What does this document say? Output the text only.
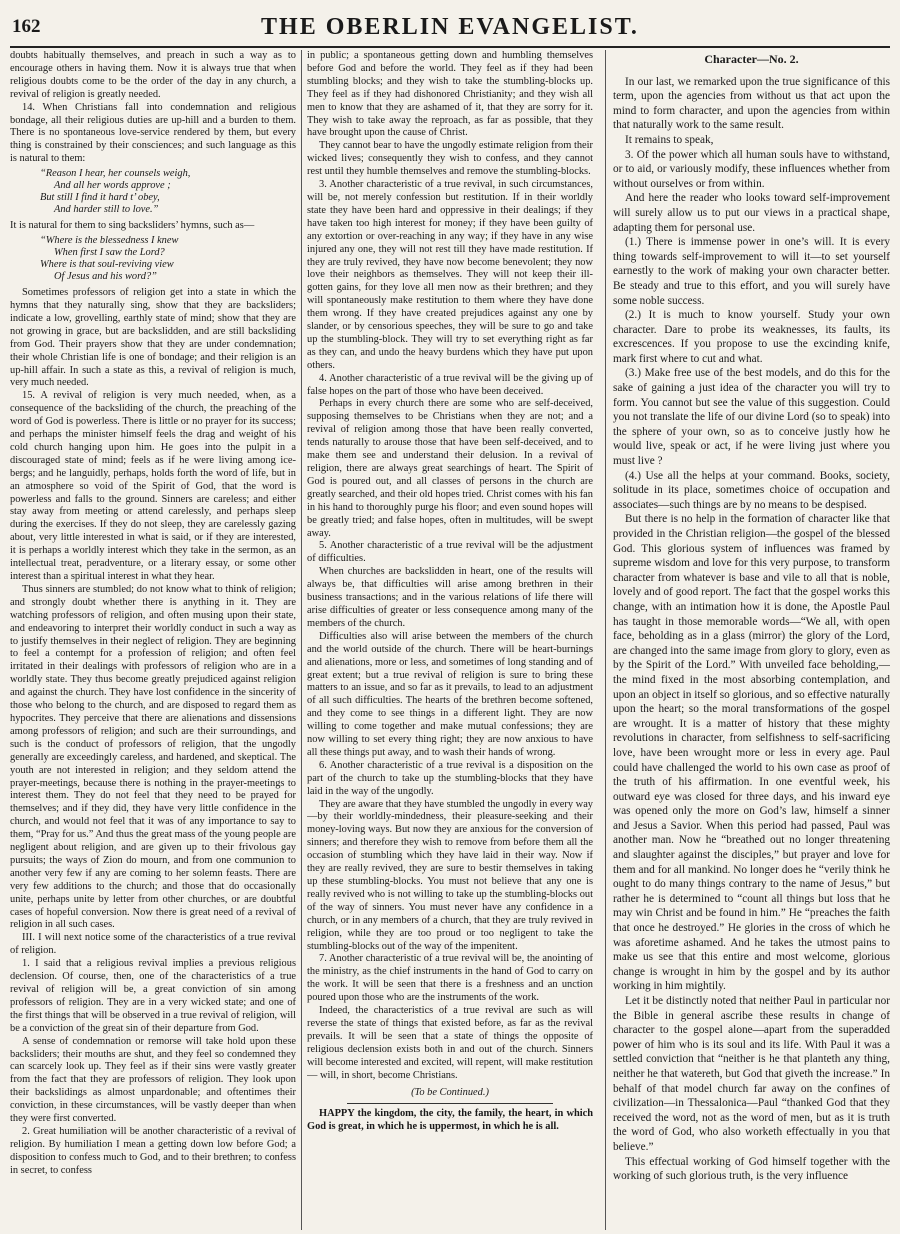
162	THE OBERLIN EVANGELIST.

doubts habitually themselves, and preach in such a way as to encourage others in having them. Now it is always true that when religious doubts come to be the order of the day in any church, a revival of religion is greatly needed.

14. When Christians fall into condemnation and religious bondage, all their religious duties are up-hill and a burden to them. There is no spontaneous love-service rendered by them, but every thing is constrained by their consciences; and such language as this is natural to them:

“Reason I hear, her counsels weigh,
And all her words approve ;
But still I find it hard t’ obey,
And harder still to love.”

It is natural for them to sing backsliders’ hymns, such as—

“Where is the blessedness I knew
When first I saw the Lord?
Where is that soul-reviving view
Of Jesus and his word?”

Sometimes professors of religion get into a state in which the hymns that they naturally sing, show that they are backsliders; indicate a low, grovelling, earthly state of mind; show that they are not growing in grace, but are backslidden, and are still backsliding from God. Their prayers show that they are under condemnation; their whole Christian life is one of bondage; and their religion is an up-hill affair. In such a state as this, a revival of religion is much, very much needed.

15. A revival of religion is very much needed, when, as a consequence of the backsliding of the church, the preaching of the word of God is powerless. There is little or no prayer for its success; and perhaps the minister himself feels the drag and weight of his cold church hanging upon him. He goes into the pulpit in a discouraged state of mind; feels as if he were living among ice-bergs; and he languidly, perhaps, holds forth the word of life, but in an atmosphere so void of the Spirit of God, that the word is powerless and falls to the ground. Sinners are careless; and either stay away from meeting or attend carelessly, and perhaps sleep during the exercises. If they do not sleep, they are carelessly gazing about, very little interested in what is said, or if they are interested, it is perhaps a worldly interest which they take in the sermon, as an intellectual treat, peradventure, or a literary essay, or some other interest than a spiritual interest in what they hear.

Thus sinners are stumbled; do not know what to think of religion; and strongly doubt whether there is anything in it. They are watching professors of religion, and often musing upon their state, and endeavoring to interpret their worldly conduct in such a way as to justify themselves in their neglect of religion. They are beginning to feel a contempt for a profession of religion; and often feel irritated in their dealings with professors of religion who are in a worldly state. They thus become greatly prejudiced against religion and against the church. They have lost confidence in the sincerity of those who belong to the church, and are disposed to regard them as hypocrites. They perceive that there are alienations and dissensions among professors of religion; and such are their surroundings, and such is the conduct of professors of religion, that the ungodly generally are exceedingly careless, and hardened, and skeptical. The youth are not interested in religion; and they seldom attend the prayer-meetings, because there is nothing in the prayer-meetings to interest them. They do not feel that they need to be prayed for themselves; and if they did, they have very little confidence in the church, and would not feel that it was of any importance to say to them, “Pray for us.” And thus the great mass of the young people are negligent about religion, and are given up to their frivolous gay pursuits; the ways of Zion do mourn, and from one communion to another very few if any are coming to her solemn feasts. There are very few additions to the church; and those that do occasionally unite, perhaps unite by letter from other churches, or are doubtful cases of hopeful conversion. Now there is great need of a revival of religion in all such cases.

III. I will next notice some of the characteristics of a true revival of religion.

1. I said that a religious revival implies a previous religious declension. Of course, then, one of the characteristics of a true revival of religion will be, a great conviction of sin among professors of religion. They are in a very wicked state; and one of the first things that will be observed in a true revival of religion, will be a conviction of the great sin of their departure from God.

A sense of condemnation or remorse will take hold upon these backsliders; their mouths are shut, and they feel so condemned they can scarcely look up. They feel as if their sins were vastly greater from the fact that they are professors of religion. They look upon their backslidings as almost unpardonable; and oftentimes their conviction, in these circumstances, will be vastly deeper than when they were first converted.

2. Great humiliation will be another characteristic of a revival of religion. By humiliation I mean a getting down low before God; a disposition to confess much to God, and to their brethren; to confess in secret, to confess

in public; a spontaneous getting down and humbling themselves before God and before the world. They feel as if they had been stumbling blocks; and they wish to take the stumbling-blocks up. They feel as if they had dishonored Christianity; and they wish all men to know that they are ashamed of it, that they are sorry for it. They wish to take away the reproach, as far as possible, that they have brought upon the cause of Christ.

They cannot bear to have the ungodly estimate religion from their wicked lives; consequently they wish to confess, and they cannot rest until they humble themselves and remove the stumbling-blocks.

3. Another characteristic of a true revival, in such circumstances, will be, not merely confession but restitution. If in their worldly state they have been hard and oppressive in their dealings; if they have taken too high interest for money; if they have been guilty of any extortion or over-reaching in any way; if they have in any wise injured any one, they will not rest till they have made restitution. If they are truly revived, they have now become benevolent; they now love their neighbors as themselves. They will not keep their ill-gotten gains, for they love all men now as their brethren; and they will spontaneously make restitution to them where they have done them wrong. If they have created prejudices against any one by slander, or by censorious speeches, they will be sure to go and take up the stumbling-block. They will try to set everything right as far as they can, and undo the heavy burdens which they have put upon others.

4. Another characteristic of a true revival will be the giving up of false hopes on the part of those who have been deceived.

Perhaps in every church there are some who are self-deceived, supposing themselves to be Christians when they are not; and a revival of religion among those that have been really converted, tends naturally to arouse those that have been self-deceived, and to make them see and understand their delusion. In a revival of religion, there are always great searchings of heart. The Spirit of God is poured out, and all classes of persons in the church are greatly searched, and their old hopes tried. Christ comes with his fan in his hand to thoroughly purge his floor; and even sound hopes will be greatly tried; and false hopes, often in multitudes, will be swept away.

5. Another characteristic of a true revival will be the adjustment of difficulties.

When churches are backslidden in heart, one of the results will always be, that difficulties will arise among brethren in their business transactions; and in the various relations of life there will arise difficulties of greater or less consequence among many of the members of the church.

Difficulties also will arise between the members of the church and the world outside of the church. There will be heart-burnings and alienations, more or less, and sometimes of long standing and of great extent; but a true revival of religion is sure to bring these matters to an issue, and so far as it prevails, to lead to an adjustment of all such difficulties. The hearts of the brethren become softened, and they come to see things in a different light. They are now willing to come together and make mutual confessions; they are now willing to set every thing right; they are now anxious to have all these things put away, and to wash their hands of wrong.

6. Another characteristic of a true revival is a disposition on the part of the church to take up the stumbling-blocks that they have laid in the way of the ungodly.

They are aware that they have stumbled the ungodly in every way—by their worldly-mindedness, their pleasure-seeking and their money-loving ways. But now they are anxious for the conversion of sinners; and therefore they wish to remove from before them all the occasion of stumbling which they have laid in their way. Now if they are really revived, they are sure to bestir themselves in taking up these stumbling-blocks. You must not believe that any one is really revived who is not willing to take up the stumbling-blocks out of the way of sinners. You must never have any confidence in a church, or in any members of a church, that they are truly revived in religion, while they are too proud or too negligent to take the stumbling-blocks out of the way of the impenitent.

7. Another characteristic of a true revival will be, the anointing of the ministry, as the chief instruments in the hand of God to carry on the work. It will be seen that there is a freshness and an unction poured upon those who are the instruments of the work.

Indeed, the characteristics of a true revival are such as will reverse the state of things that existed before, as far as the revival prevails. It will be seen that a state of things the opposite of religious declension exists both in and out of the church. Sinners will become interested and excited, will repent, will make restitution — will, in short, become Christians.

(To be Continued.)

HAPPY the kingdom, the city, the family, the heart, in which God is great, in which he is uppermost, in which he is all.

Character—No. 2.

In our last, we remarked upon the true significance of this term, upon the agencies from without us that act upon the mind to form character, and upon the agencies from within that naturally work to the same result.

It remains to speak,

3. Of the power which all human souls have to withstand, or to aid, or variously modify, these influences whether from without ourselves or from within.

And here the reader who looks toward self-improvement will surely allow us to put our views in a practical shape, adapting them for personal use.

(1.) There is immense power in one’s will. It is every thing towards self-improvement to will it—to set yourself earnestly to the work of making your own character better. Be steady and true to this effort, and you will surely have some noble success.

(2.) It is much to know yourself. Study your own character. Dare to probe its weaknesses, its faults, its excrescences. If you propose to use the excinding knife, mark first where to cut and what.

(3.) Make free use of the best models, and do this for the sake of gaining a just idea of the character you will try to form. You cannot but see the value of this suggestion. Could you not translate the life of our divine Lord (so to speak) into the sphere of your own, so as to conceive justly how he would live, speak or act, if he were living just where you must live ?

(4.) Use all the helps at your command. Books, society, solitude in its place, sometimes choice of occupation and associates—such things are by no means to be despised.

But there is no help in the formation of character like that provided in the Christian religion—the gospel of the blessed God. This glorious system of influences was framed by supreme wisdom and love for this very purpose, to transform character from whatever is base and vile to all that is noble, lovely and of good report. The fact that the gospel works this change, with an intimation how it is done, the Apostle Paul has taught in those memorable words—“We all, with open face, beholding as in a glass (mirror) the glory of the Lord, are changed into the same image from glory to glory, even as by the Spirit of the Lord.” With unveiled face beholding,—the mind fixed in the most absorbing contemplation, and upon an object in itself so glorious, and so effective naturally upon the heart; so the moral transformations of the gospel are wrought. It is a matter of history that these mighty revolutions in character, from selfishness to self-sacrificing love, have been wrought more or less in every age. Paul could have challenged the world to his own case as proof of the truth of his affirmation. In one eventful week, his outward eye was closed for three days, and his inward eye was opened only the more on God’s law, himself a sinner and Jesus a Savior. When this period had passed, Paul was another man. Now he “breathed out no longer threatening and slaughter against the disciples,” but prayer and love for them and for all mankind. No longer does he “verily think he ought to do many things contrary to the name of Jesus,” but rather he is determined to “count all things but loss that he may win Christ and be found in him.” He “preaches the faith that once he destroyed.” He glories in the cross of which he was aforetime ashamed. And he takes the utmost pains to make us see that this entire and most welcome, glorious change is wrought in him by the gospel and by its author working in him mightily.

Let it be distinctly noted that neither Paul in particular nor the Bible in general ascribe these results in change of character to the gospel alone—apart from the superadded power of him who is its soul and its life. With Paul it was a settled conviction that “neither is he that planteth any thing, neither he that watereth, but God that giveth the increase.” In behalf of that model church far away on the confines of civilization—in Thessalonica—Paul “thanked God that they received the word, not as the word of men, but as it is truth the word of God, who also worketh effectually in you that believe.”

This effectual working of God himself together with the working of such glorious truth, is the very influence
